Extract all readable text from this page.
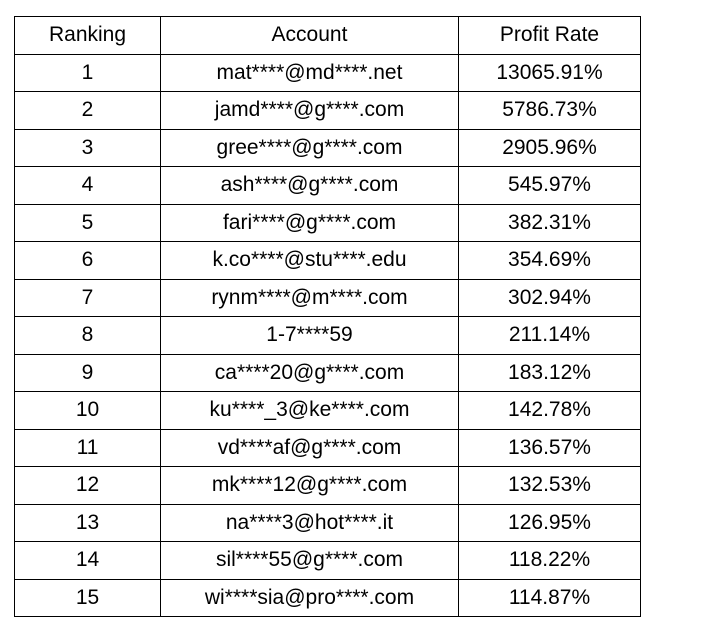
Ranking	Account	Profit Rate
1	mat****@md****.net	13065.91%
2	jamd****@g****.com	5786.73%
3	gree****@g****.com	2905.96%
4	ash****@g****.com	545.97%
5	fari****@g****.com	382.31%
6	k.co****@stu****.edu	354.69%
7	rynm****@m****.com	302.94%
8	1-7****59	211.14%
9	ca****20@g****.com	183.12%
10	ku****_3@ke****.com	142.78%
11	vd****af@g****.com	136.57%
12	mk****12@g****.com	132.53%
13	na****3@hot****.it	126.95%
14	sil****55@g****.com	118.22%
15	wi****sia@pro****.com	114.87%
